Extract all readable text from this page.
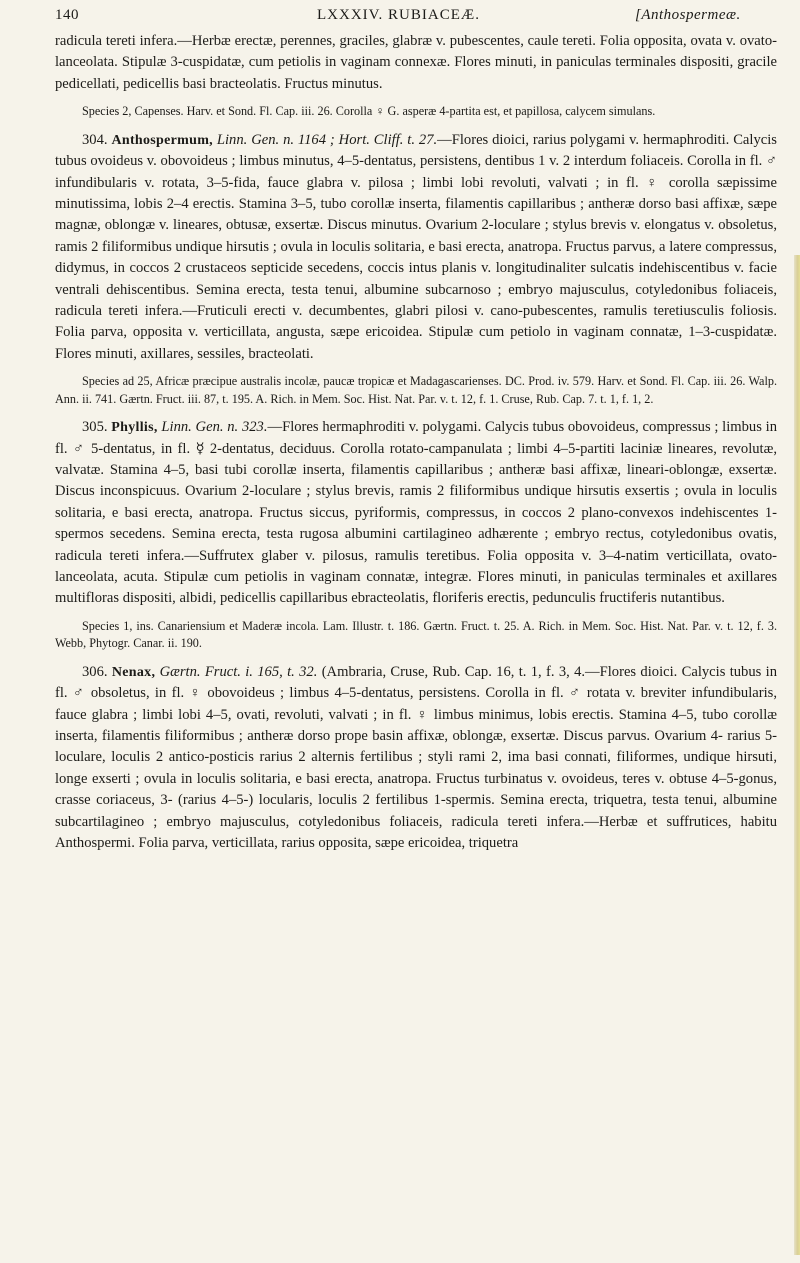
140	LXXXIV. RUBIACEÆ.	[Anthospermeæ.

radicula tereti infera.—Herbæ erectæ, perennes, graciles, glabræ v. pubescentes, caule tereti. Folia opposita, ovata v. ovato-lanceolata. Stipulæ 3-cuspidatæ, cum petiolis in vaginam connexæ. Flores minuti, in paniculas terminales dispositi, gracile pedicellati, pedicellis basi bracteolatis. Fructus minutus.

Species 2, Capenses. Harv. et Sond. Fl. Cap. iii. 26. Corolla ♀ G. asperæ 4-partita est, et papillosa, calycem simulans.

304. Anthospermum, Linn. Gen. n. 1164 ; Hort. Cliff. t. 27.—Flores dioici, rarius polygami v. hermaphroditi. Calycis tubus ovoideus v. obovoideus ; limbus minutus, 4–5-dentatus, persistens, dentibus 1 v. 2 interdum foliaceis. Corolla in fl. ♂ infundibularis v. rotata, 3–5-fida, fauce glabra v. pilosa ; limbi lobi revoluti, valvati ; in fl. ♀ corolla sæpissime minutissima, lobis 2–4 erectis. Stamina 3–5, tubo corollæ inserta, filamentis capillaribus ; antheræ dorso basi affixæ, sæpe magnæ, oblongæ v. lineares, obtusæ, exsertæ. Discus minutus. Ovarium 2-loculare ; stylus brevis v. elongatus v. obsoletus, ramis 2 filiformibus undique hirsutis ; ovula in loculis solitaria, e basi erecta, anatropa. Fructus parvus, a latere compressus, didymus, in coccos 2 crustaceos septicide secedens, coccis intus planis v. longitudinaliter sulcatis indehiscentibus v. facie ventrali dehiscentibus. Semina erecta, testa tenui, albumine subcarnoso ; embryo majusculus, cotyledonibus foliaceis, radicula tereti infera.—Fruticuli erecti v. decumbentes, glabri pilosi v. cano-pubescentes, ramulis teretiusculis foliosis. Folia parva, opposita v. verticillata, angusta, sæpe ericoidea. Stipulæ cum petiolo in vaginam connatæ, 1–3-cuspidatæ. Flores minuti, axillares, sessiles, bracteolati.

Species ad 25, Africæ præcipue australis incolæ, paucæ tropicæ et Madagascarienses. DC. Prod. iv. 579. Harv. et Sond. Fl. Cap. iii. 26. Walp. Ann. ii. 741. Gærtn. Fruct. iii. 87, t. 195. A. Rich. in Mem. Soc. Hist. Nat. Par. v. t. 12, f. 1. Cruse, Rub. Cap. 7. t. 1, f. 1, 2.

305. Phyllis, Linn. Gen. n. 323.—Flores hermaphroditi v. polygami. Calycis tubus obovoideus, compressus ; limbus in fl. ♂ 5-dentatus, in fl. ☿ 2-dentatus, deciduus. Corolla rotato-campanulata ; limbi 4–5-partiti laciniæ lineares, revolutæ, valvatæ. Stamina 4–5, basi tubi corollæ inserta, filamentis capillaribus ; antheræ basi affixæ, lineari-oblongæ, exsertæ. Discus inconspicuus. Ovarium 2-loculare ; stylus brevis, ramis 2 filiformibus undique hirsutis exsertis ; ovula in loculis solitaria, e basi erecta, anatropa. Fructus siccus, pyriformis, compressus, in coccos 2 plano-convexos indehiscentes 1-spermos secedens. Semina erecta, testa rugosa albumini cartilagineo adhærente ; embryo rectus, cotyledonibus ovatis, radicula tereti infera.—Suffrutex glaber v. pilosus, ramulis teretibus. Folia opposita v. 3–4-natim verticillata, ovato-lanceolata, acuta. Stipulæ cum petiolis in vaginam connatæ, integræ. Flores minuti, in paniculas terminales et axillares multifloras dispositi, albidi, pedicellis capillaribus ebracteolatis, floriferis erectis, pedunculis fructiferis nutantibus.

Species 1, ins. Canariensium et Maderæ incola. Lam. Illustr. t. 186. Gærtn. Fruct. t. 25. A. Rich. in Mem. Soc. Hist. Nat. Par. v. t. 12, f. 3. Webb, Phytogr. Canar. ii. 190.

306. Nenax, Gærtn. Fruct. i. 165, t. 32. (Ambraria, Cruse, Rub. Cap. 16, t. 1, f. 3, 4.—Flores dioici. Calycis tubus in fl. ♂ obsoletus, in fl. ♀ obovoideus ; limbus 4–5-dentatus, persistens. Corolla in fl. ♂ rotata v. breviter infundibularis, fauce glabra ; limbi lobi 4–5, ovati, revoluti, valvati ; in fl. ♀ limbus minimus, lobis erectis. Stamina 4–5, tubo corollæ inserta, filamentis filiformibus ; antheræ dorso prope basin affixæ, oblongæ, exsertæ. Discus parvus. Ovarium 4- rarius 5-loculare, loculis 2 antico-posticis rarius 2 alternis fertilibus ; styli rami 2, ima basi connati, filiformes, undique hirsuti, longe exserti ; ovula in loculis solitaria, e basi erecta, anatropa. Fructus turbinatus v. ovoideus, teres v. obtuse 4–5-gonus, crasse coriaceus, 3- (rarius 4–5-) locularis, loculis 2 fertilibus 1-spermis. Semina erecta, triquetra, testa tenui, albumine subcartilagineo ; embryo majusculus, cotyledonibus foliaceis, radicula tereti infera.—Herbæ et suffrutices, habitu Anthospermi. Folia parva, verticillata, rarius opposita, sæpe ericoidea, triquetra
